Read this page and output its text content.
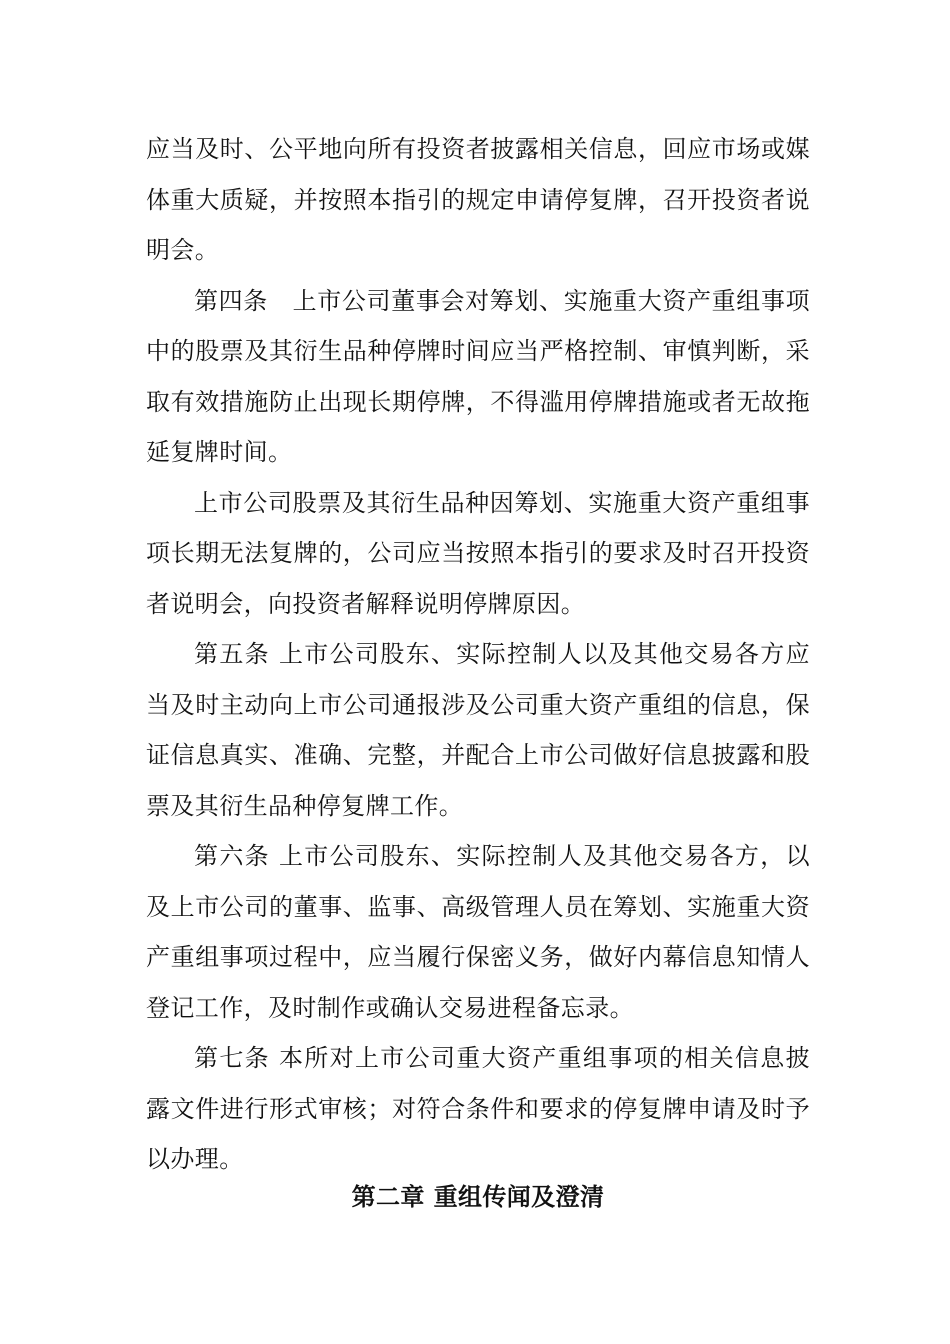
应当及时、公平地向所有投资者披露相关信息，回应市场或媒体重大质疑，并按照本指引的规定申请停复牌，召开投资者说明会。

第四条　上市公司董事会对筹划、实施重大资产重组事项中的股票及其衍生品种停牌时间应当严格控制、审慎判断，采取有效措施防止出现长期停牌，不得滥用停牌措施或者无故拖延复牌时间。

上市公司股票及其衍生品种因筹划、实施重大资产重组事项长期无法复牌的，公司应当按照本指引的要求及时召开投资者说明会，向投资者解释说明停牌原因。

第五条 上市公司股东、实际控制人以及其他交易各方应当及时主动向上市公司通报涉及公司重大资产重组的信息，保证信息真实、准确、完整，并配合上市公司做好信息披露和股票及其衍生品种停复牌工作。

第六条 上市公司股东、实际控制人及其他交易各方，以及上市公司的董事、监事、高级管理人员在筹划、实施重大资产重组事项过程中，应当履行保密义务，做好内幕信息知情人登记工作，及时制作或确认交易进程备忘录。

第七条 本所对上市公司重大资产重组事项的相关信息披露文件进行形式审核；对符合条件和要求的停复牌申请及时予以办理。

第二章 重组传闻及澄清
